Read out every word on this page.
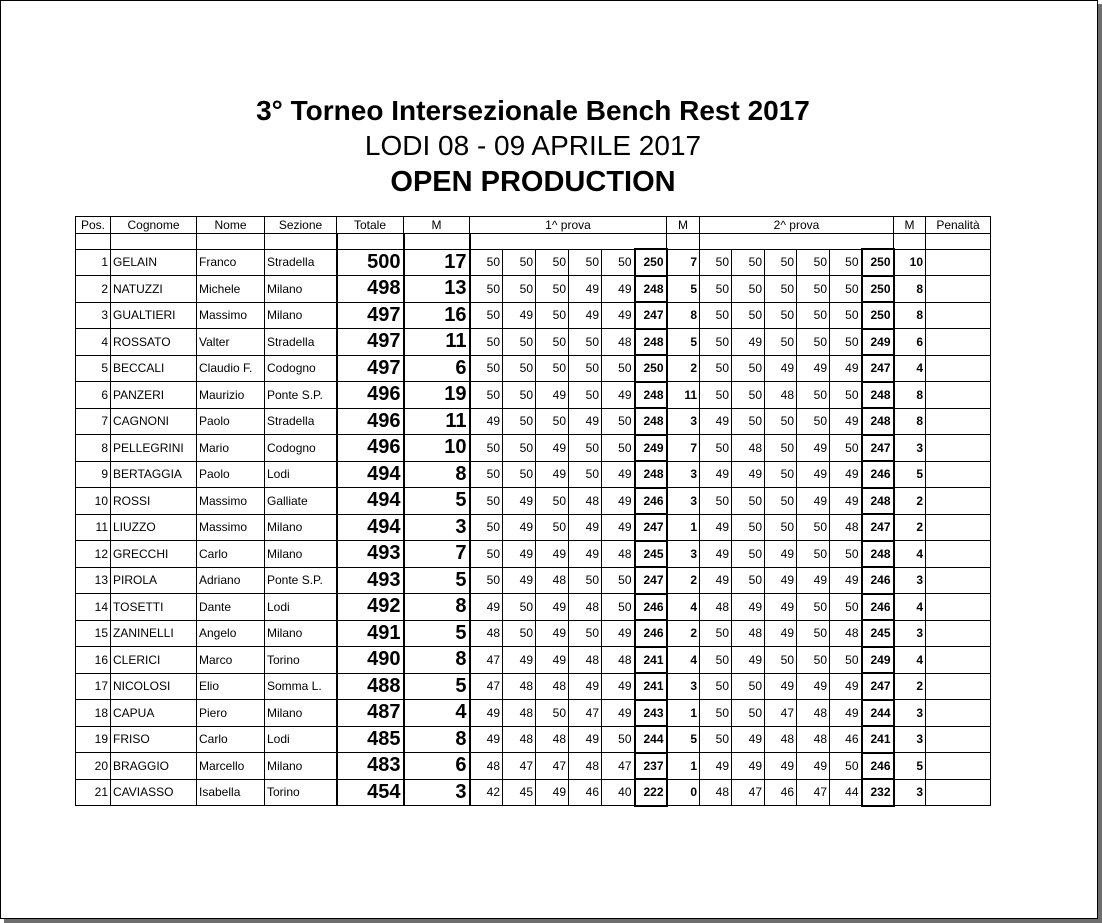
3° Torneo Intersezionale Bench Rest 2017
LODI 08 - 09 APRILE 2017
OPEN PRODUCTION
Pos.	Cognome	Nome	Sezione	Totale	M	1^ prova						M	2^ prova						M	Penalità

1	GELAIN	Franco	Stradella	500	17	50	50	50	50	50	250	7	50	50	50	50	50	250	10	
2	NATUZZI	Michele	Milano	498	13	50	50	50	49	49	248	5	50	50	50	50	50	250	8	
3	GUALTIERI	Massimo	Milano	497	16	50	49	50	49	49	247	8	50	50	50	50	50	250	8	
4	ROSSATO	Valter	Stradella	497	11	50	50	50	50	48	248	5	50	49	50	50	50	249	6	
5	BECCALI	Claudio F.	Codogno	497	6	50	50	50	50	50	250	2	50	50	49	49	49	247	4	
6	PANZERI	Maurizio	Ponte S.P.	496	19	50	50	49	50	49	248	11	50	50	48	50	50	248	8	
7	CAGNONI	Paolo	Stradella	496	11	49	50	50	49	50	248	3	49	50	50	50	49	248	8	
8	PELLEGRINI	Mario	Codogno	496	10	50	50	49	50	50	249	7	50	48	50	49	50	247	3	
9	BERTAGGIA	Paolo	Lodi	494	8	50	50	49	50	49	248	3	49	49	50	49	49	246	5	
10	ROSSI	Massimo	Galliate	494	5	50	49	50	48	49	246	3	50	50	50	49	49	248	2	
11	LIUZZO	Massimo	Milano	494	3	50	49	50	49	49	247	1	49	50	50	50	48	247	2	
12	GRECCHI	Carlo	Milano	493	7	50	49	49	49	48	245	3	49	50	49	50	50	248	4	
13	PIROLA	Adriano	Ponte S.P.	493	5	50	49	48	50	50	247	2	49	50	49	49	49	246	3	
14	TOSETTI	Dante	Lodi	492	8	49	50	49	48	50	246	4	48	49	49	50	50	246	4	
15	ZANINELLI	Angelo	Milano	491	5	48	50	49	50	49	246	2	50	48	49	50	48	245	3	
16	CLERICI	Marco	Torino	490	8	47	49	49	48	48	241	4	50	49	50	50	50	249	4	
17	NICOLOSI	Elio	Somma L.	488	5	47	48	48	49	49	241	3	50	50	49	49	49	247	2	
18	CAPUA	Piero	Milano	487	4	49	48	50	47	49	243	1	50	50	47	48	49	244	3	
19	FRISO	Carlo	Lodi	485	8	49	48	48	49	50	244	5	50	49	48	48	46	241	3	
20	BRAGGIO	Marcello	Milano	483	6	48	47	47	48	47	237	1	49	49	49	49	50	246	5	
21	CAVIASSO	Isabella	Torino	454	3	42	45	49	46	40	222	0	48	47	46	47	44	232	3	
